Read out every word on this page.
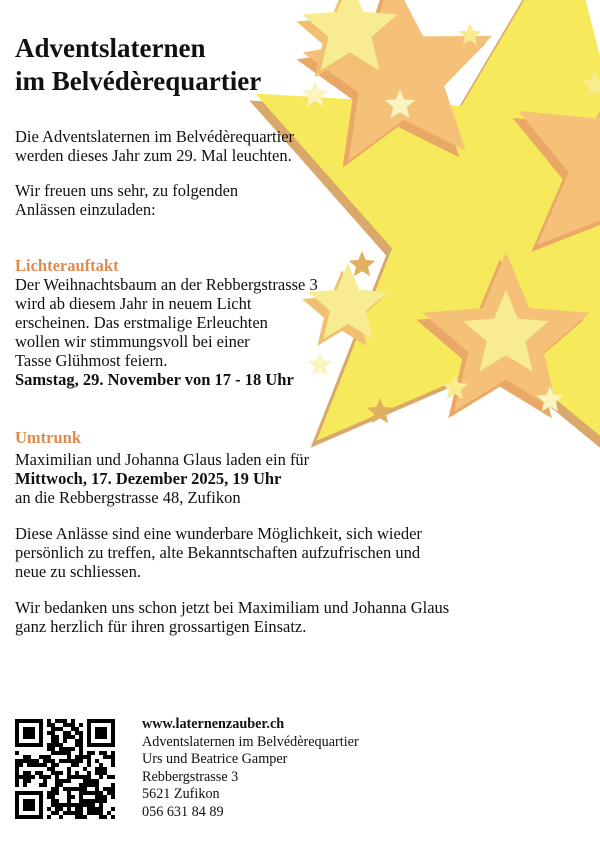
Adventslaternen
im Belvédèrequartier
Die Adventslaternen im Belvédèrequartier
werden dieses Jahr zum 29. Mal leuchten.
Wir freuen uns sehr, zu folgenden
Anlässen einzuladen:
Lichterauftakt
Der Weihnachtsbaum an der Rebbergstrasse 3
wird ab diesem Jahr in neuem Licht
erscheinen. Das erstmalige Erleuchten
wollen wir stimmungsvoll bei einer
Tasse Glühmost feiern.
Samstag, 29. November von 17 - 18 Uhr
Umtrunk
Maximilian und Johanna Glaus laden ein für
Mittwoch, 17. Dezember 2025, 19 Uhr
an die Rebbergstrasse 48, Zufikon
Diese Anlässe sind eine wunderbare Möglichkeit, sich wieder
persönlich zu treffen, alte Bekanntschaften aufzufrischen und
neue zu schliessen.
Wir bedanken uns schon jetzt bei Maximiliam und Johanna Glaus
ganz herzlich für ihren grossartigen Einsatz.
www.laternenzauber.ch
Adventslaternen im Belvédèrequartier
Urs und Beatrice Gamper
Rebbergstrasse 3
5621 Zufikon
056 631 84 89
